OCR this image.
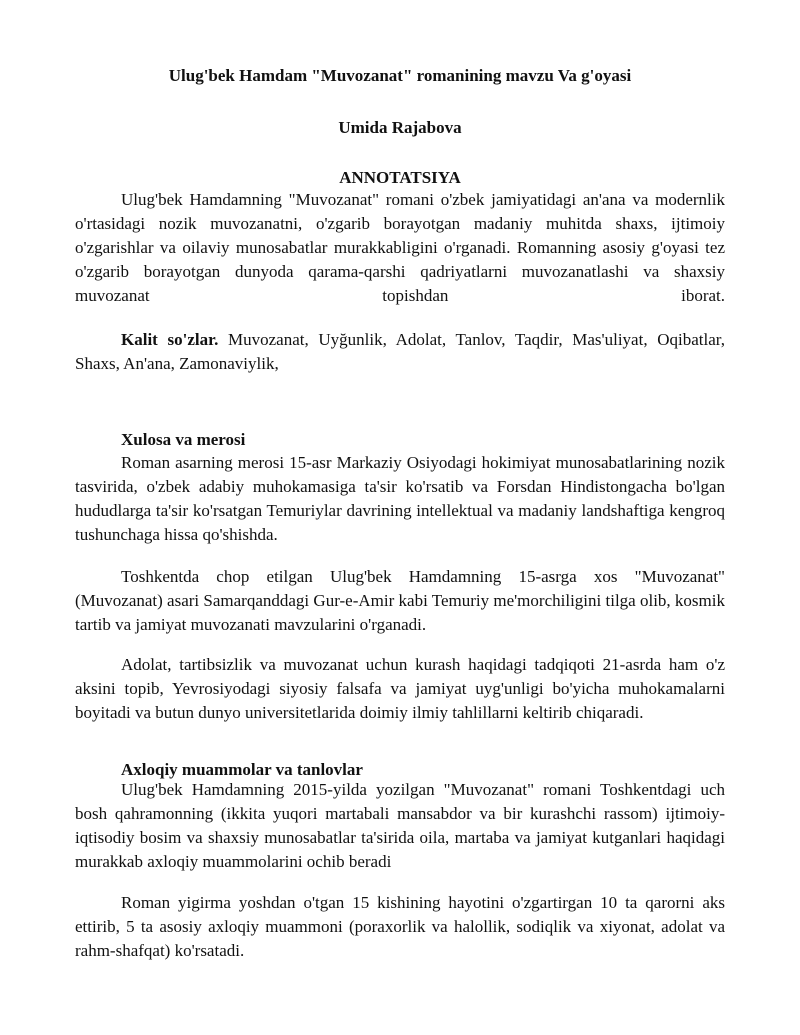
Ulug'bek Hamdam "Muvozanat" romanining mavzu Va g'oyasi
Umida Rajabova
ANNOTATSIYA

Ulug'bek Hamdamning "Muvozanat" romani o'zbek jamiyatidagi an'ana va modernlik o'rtasidagi nozik muvozanatni, o'zgarib borayotgan madaniy muhitda shaxs, ijtimoiy o'zgarishlar va oilaviy munosabatlar murakkabligini o'rganadi. Romanning asosiy g'oyasi tez o'zgarib borayotgan dunyoda qarama-qarshi qadriyatlarni muvozanatlashi va shaxsiy muvozanat topishdan iborat.

Kalit so'zlar. Muvozanat, Uyğunlik, Adolat, Tanlov, Taqdir, Mas'uliyat, Oqibatlar, Shaxs, An'ana, Zamonaviylik,

Xulosa va merosi

Roman asarning merosi 15-asr Markaziy Osiyodagi hokimiyat munosabatlarining nozik tasvirida, o'zbek adabiy muhokamasiga ta'sir ko'rsatib va Forsdan Hindistongacha bo'lgan hududlarga ta'sir ko'rsatgan Temuriylar davrining intellektual va madaniy landshaftiga kengroq tushunchaga hissa qo'shishda.

Toshkentda chop etilgan Ulug'bek Hamdamning 15-asrga xos "Muvozanat" (Muvozanat) asari Samarqanddagi Gur-e-Amir kabi Temuriy me'morchiligini tilga olib, kosmik tartib va jamiyat muvozanati mavzularini o'rganadi.

Adolat, tartibsizlik va muvozanat uchun kurash haqidagi tadqiqoti 21-asrda ham o'z aksini topib, Yevrosiyodagi siyosiy falsafa va jamiyat uyg'unligi bo'yicha muhokamalarni boyitadi va butun dunyo universitetlarida doimiy ilmiy tahlillarni keltirib chiqaradi.

Axloqiy muammolar va tanlovlar

Ulug'bek Hamdamning 2015-yilda yozilgan "Muvozanat" romani Toshkentdagi uch bosh qahramonning (ikkita yuqori martabali mansabdor va bir kurashchi rassom) ijtimoiy-iqtisodiy bosim va shaxsiy munosabatlar ta'sirida oila, martaba va jamiyat kutganlari haqidagi murakkab axloqiy muammolarini ochib beradi

Roman yigirma yoshdan o'tgan 15 kishining hayotini o'zgartirgan 10 ta qarorni aks ettirib, 5 ta asosiy axloqiy muammoni (poraxorlik va halollik, sodiqlik va xiyonat, adolat va rahm-shafqat) ko'rsatadi.
